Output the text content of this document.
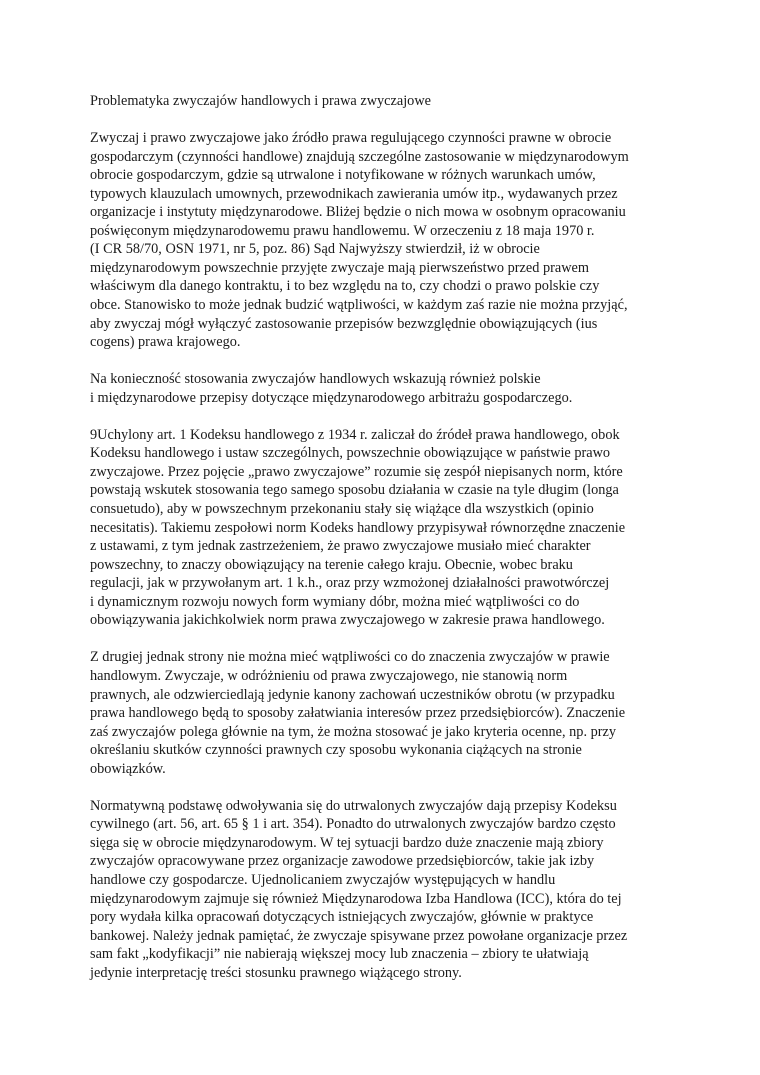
Problematyka zwyczajów handlowych i prawa zwyczajowe

Zwyczaj i prawo zwyczajowe jako źródło prawa regulującego czynności prawne w obrocie
gospodarczym (czynności handlowe) znajdują szczególne zastosowanie w międzynarodowym
obrocie gospodarczym, gdzie są utrwalone i notyfikowane w różnych warunkach umów,
typowych klauzulach umownych, przewodnikach zawierania umów itp., wydawanych przez
organizacje i instytuty międzynarodowe. Bliżej będzie o nich mowa w osobnym opracowaniu
poświęconym międzynarodowemu prawu handlowemu. W orzeczeniu z 18 maja 1970 r.
(I CR 58/70, OSN 1971, nr 5, poz. 86) Sąd Najwyższy stwierdził, iż w obrocie
międzynarodowym powszechnie przyjęte zwyczaje mają pierwszeństwo przed prawem
właściwym dla danego kontraktu, i to bez względu na to, czy chodzi o prawo polskie czy
obce. Stanowisko to może jednak budzić wątpliwości, w każdym zaś razie nie można przyjąć,
aby zwyczaj mógł wyłączyć zastosowanie przepisów bezwzględnie obowiązujących (ius
cogens) prawa krajowego.
Na konieczność stosowania zwyczajów handlowych wskazują również polskie
i międzynarodowe przepisy dotyczące międzynarodowego arbitrażu gospodarczego.
9Uchylony art. 1 Kodeksu handlowego z 1934 r. zaliczał do źródeł prawa handlowego, obok
Kodeksu handlowego i ustaw szczególnych, powszechnie obowiązujące w państwie prawo
zwyczajowe. Przez pojęcie „prawo zwyczajowe” rozumie się zespół niepisanych norm, które
powstają wskutek stosowania tego samego sposobu działania w czasie na tyle długim (longa
consuetudo), aby w powszechnym przekonaniu stały się wiążące dla wszystkich (opinio
necesitatis). Takiemu zespołowi norm Kodeks handlowy przypisywał równorzędne znaczenie
z ustawami, z tym jednak zastrzeżeniem, że prawo zwyczajowe musiało mieć charakter
powszechny, to znaczy obowiązujący na terenie całego kraju. Obecnie, wobec braku
regulacji, jak w przywołanym art. 1 k.h., oraz przy wzmożonej działalności prawotwórczej
i dynamicznym rozwoju nowych form wymiany dóbr, można mieć wątpliwości co do
obowiązywania jakichkolwiek norm prawa zwyczajowego w zakresie prawa handlowego.
Z drugiej jednak strony nie można mieć wątpliwości co do znaczenia zwyczajów w prawie
handlowym. Zwyczaje, w odróżnieniu od prawa zwyczajowego, nie stanowią norm
prawnych, ale odzwierciedlają jedynie kanony zachowań uczestników obrotu (w przypadku
prawa handlowego będą to sposoby załatwiania interesów przez przedsiębiorców). Znaczenie
zaś zwyczajów polega głównie na tym, że można stosować je jako kryteria ocenne, np. przy
określaniu skutków czynności prawnych czy sposobu wykonania ciążących na stronie
obowiązków.
Normatywną podstawę odwoływania się do utrwalonych zwyczajów dają przepisy Kodeksu
cywilnego (art. 56, art. 65 § 1 i art. 354). Ponadto do utrwalonych zwyczajów bardzo często
sięga się w obrocie międzynarodowym. W tej sytuacji bardzo duże znaczenie mają zbiory
zwyczajów opracowywane przez organizacje zawodowe przedsiębiorców, takie jak izby
handlowe czy gospodarcze. Ujednolicaniem zwyczajów występujących w handlu
międzynarodowym zajmuje się również Międzynarodowa Izba Handlowa (ICC), która do tej
pory wydała kilka opracowań dotyczących istniejących zwyczajów, głównie w praktyce
bankowej. Należy jednak pamiętać, że zwyczaje spisywane przez powołane organizacje przez
sam fakt „kodyfikacji” nie nabierają większej mocy lub znaczenia – zbiory te ułatwiają
jedynie interpretację treści stosunku prawnego wiążącego strony.
